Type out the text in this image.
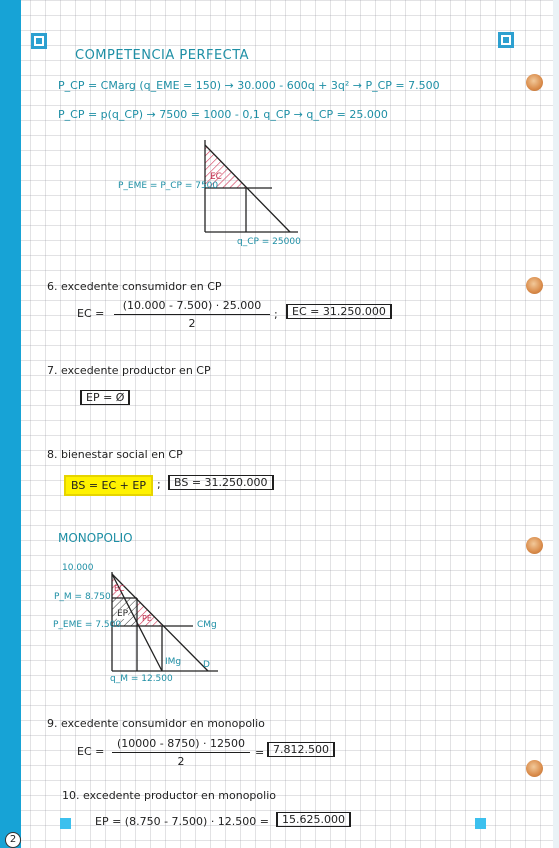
2
COMPETENCIA PERFECTA
P_CP = CMarg (q_EME = 150) → 30.000 - 600q + 3q² → P_CP = 7.500
P_CP = p(q_CP) → 7500 = 1000 - 0,1 q_CP → q_CP = 25.000
EC
P_EME = P_CP = 7500
q_CP = 25000
6. excedente consumidor en CP
EC = $\frac{(10.000 - 7.500) \cdot 25.000}{2}$ ;	EC = 31.250.000
7. excedente productor en CP
EP = Ø
8. bienestar social en CP
BS = EC + EP	;	BS = 31.250.000
MONOPOLIO
10.000
P_M = 8.750
P_EME = 7.500
EC
EP PE
CMg
IMg D
q_M = 12.500
9. excedente consumidor en monopolio
EC = $\frac{(10000 - 8750) \cdot 12500}{2} = 7.812.500$
10. excedente productor en monopolio
EP = (8.750 - 7.500) · 12.500 =	15.625.000
